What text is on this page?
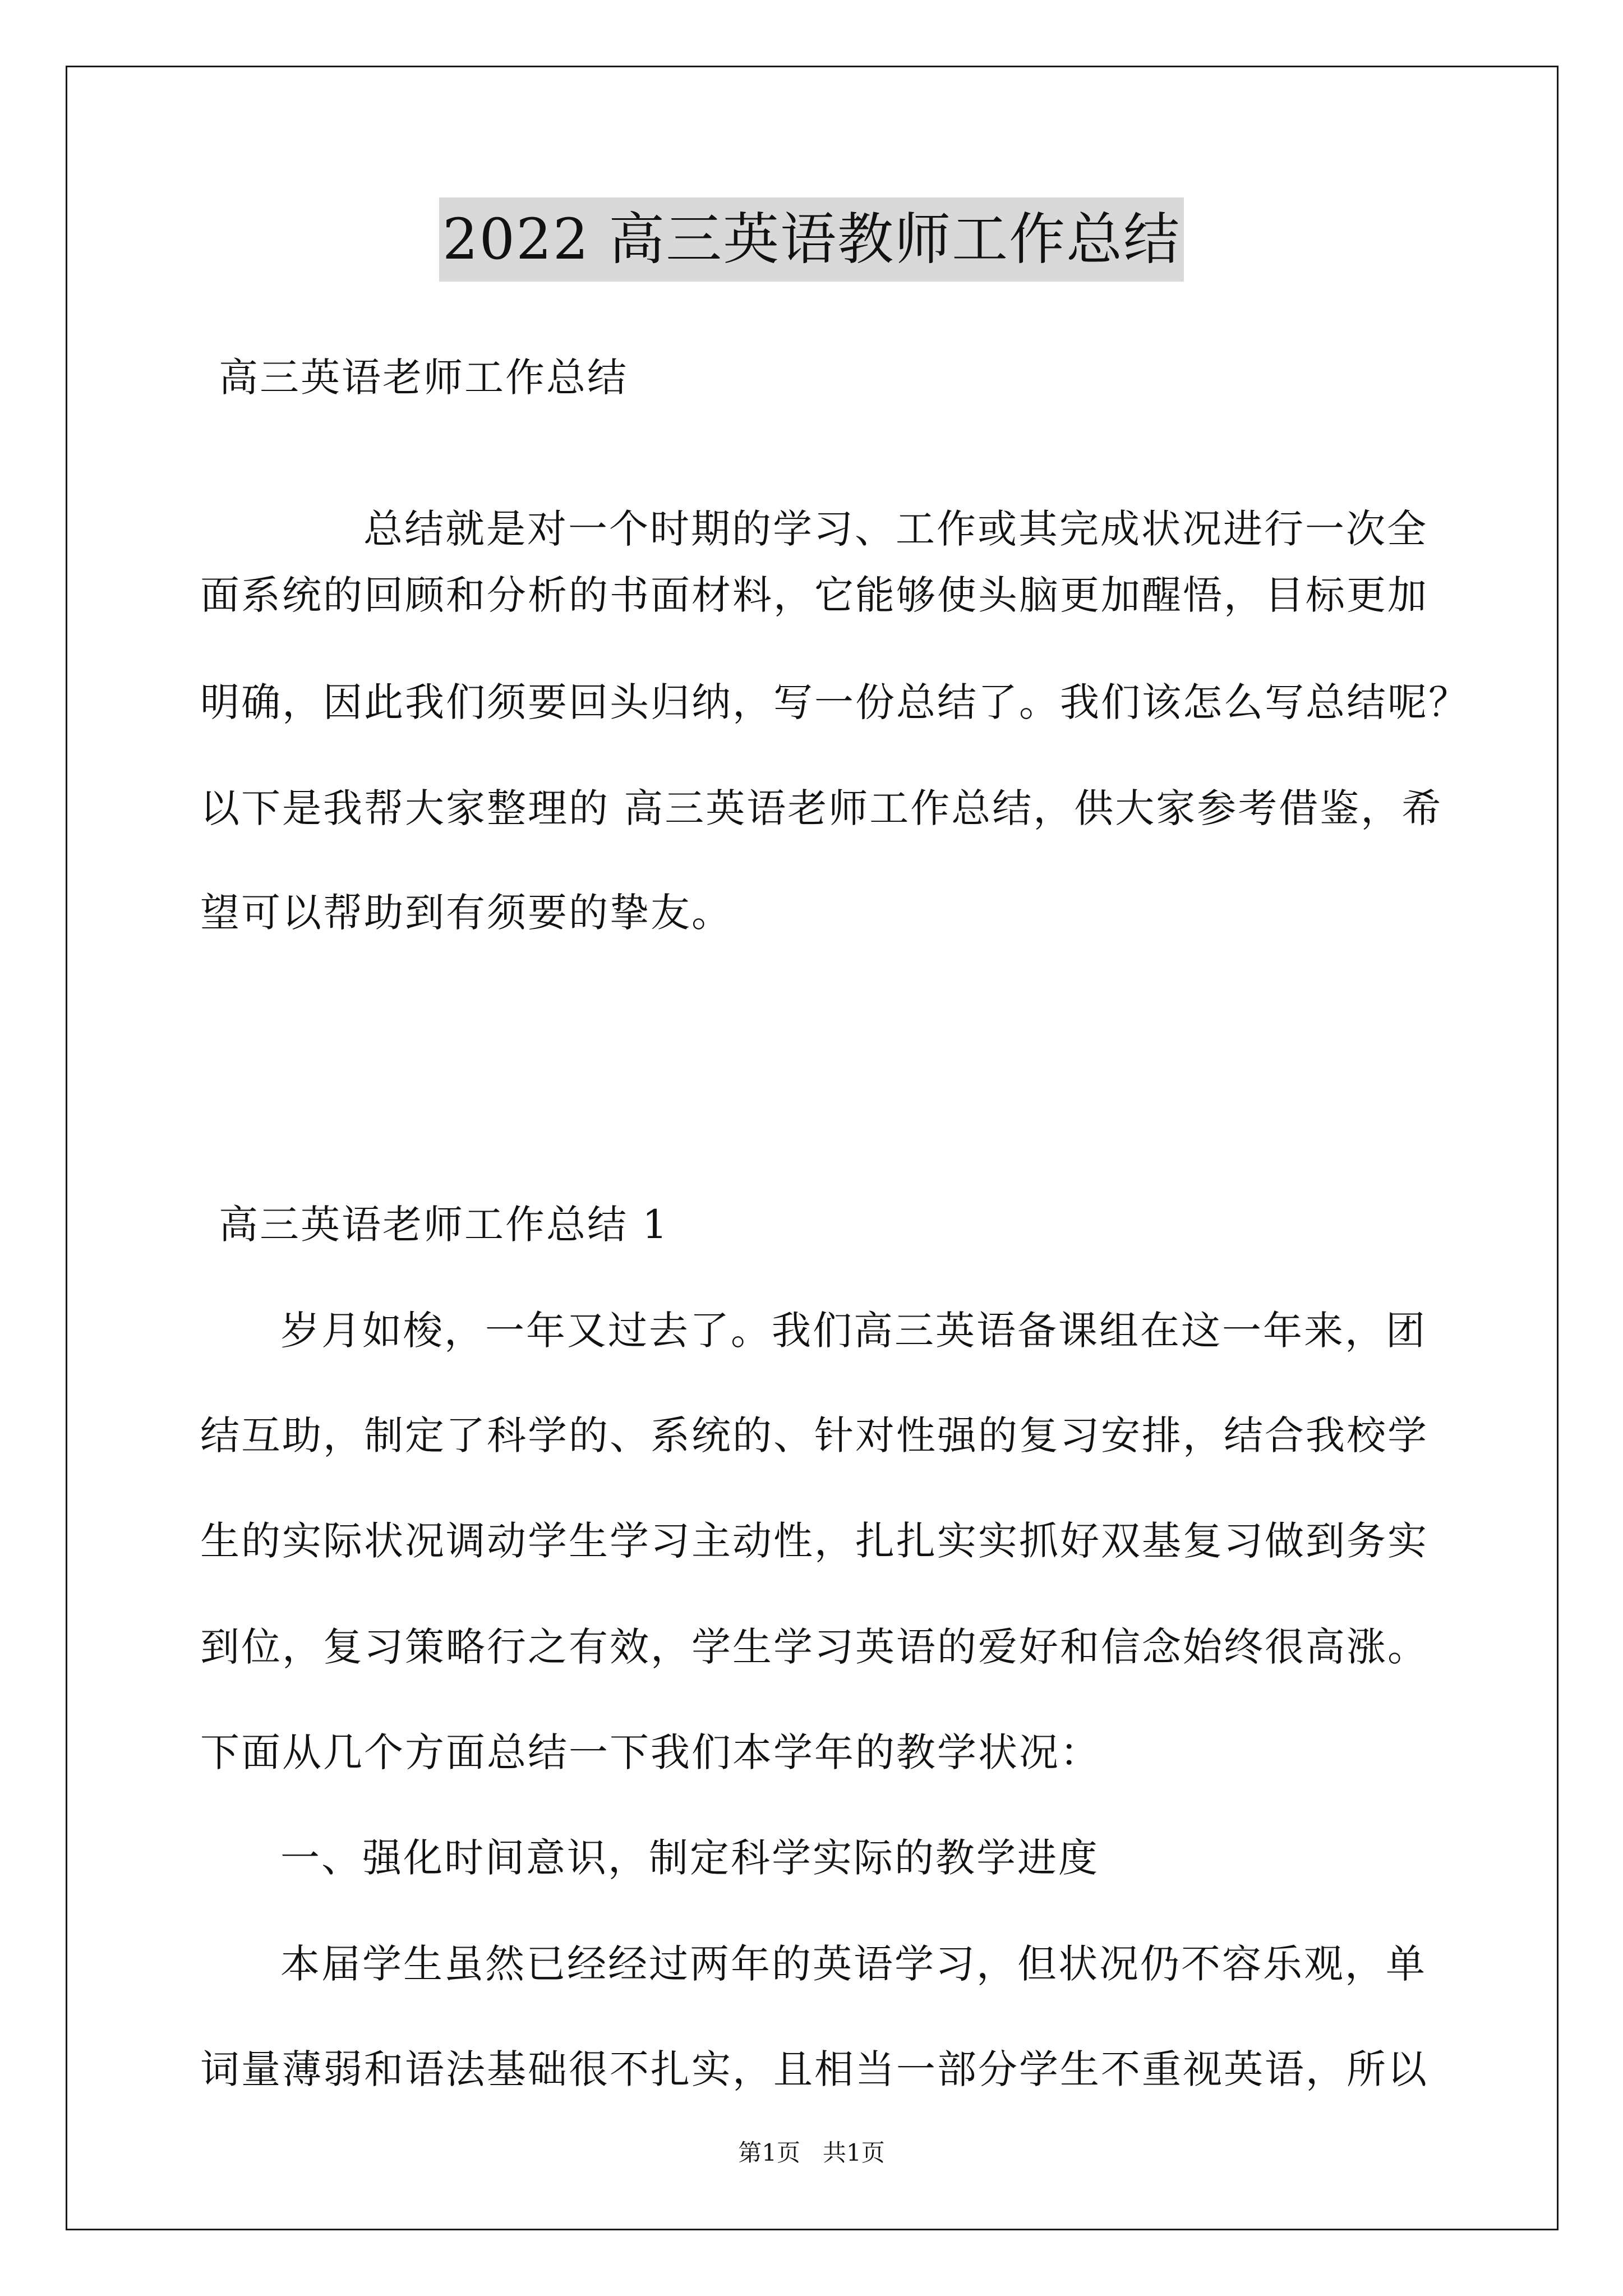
2022 高三英语教师工作总结
高三英语老师工作总结
总结就是对一个时期的学习、工作或其完成状况进行一次全
面系统的回顾和分析的书面材料，它能够使头脑更加醒悟，目标更加
明确，因此我们须要回头归纳，写一份总结了。我们该怎么写总结呢？
以下是我帮大家整理的 高三英语老师工作总结，供大家参考借鉴，希
望可以帮助到有须要的挚友。
高三英语老师工作总结 1
岁月如梭，一年又过去了。我们高三英语备课组在这一年来，团
结互助，制定了科学的、系统的、针对性强的复习安排，结合我校学
生的实际状况调动学生学习主动性，扎扎实实抓好双基复习做到务实
到位，复习策略行之有效，学生学习英语的爱好和信念始终很高涨。
下面从几个方面总结一下我们本学年的教学状况：
一、强化时间意识，制定科学实际的教学进度
本届学生虽然已经经过两年的英语学习，但状况仍不容乐观，单
词量薄弱和语法基础很不扎实，且相当一部分学生不重视英语，所以
第1页   共1页
